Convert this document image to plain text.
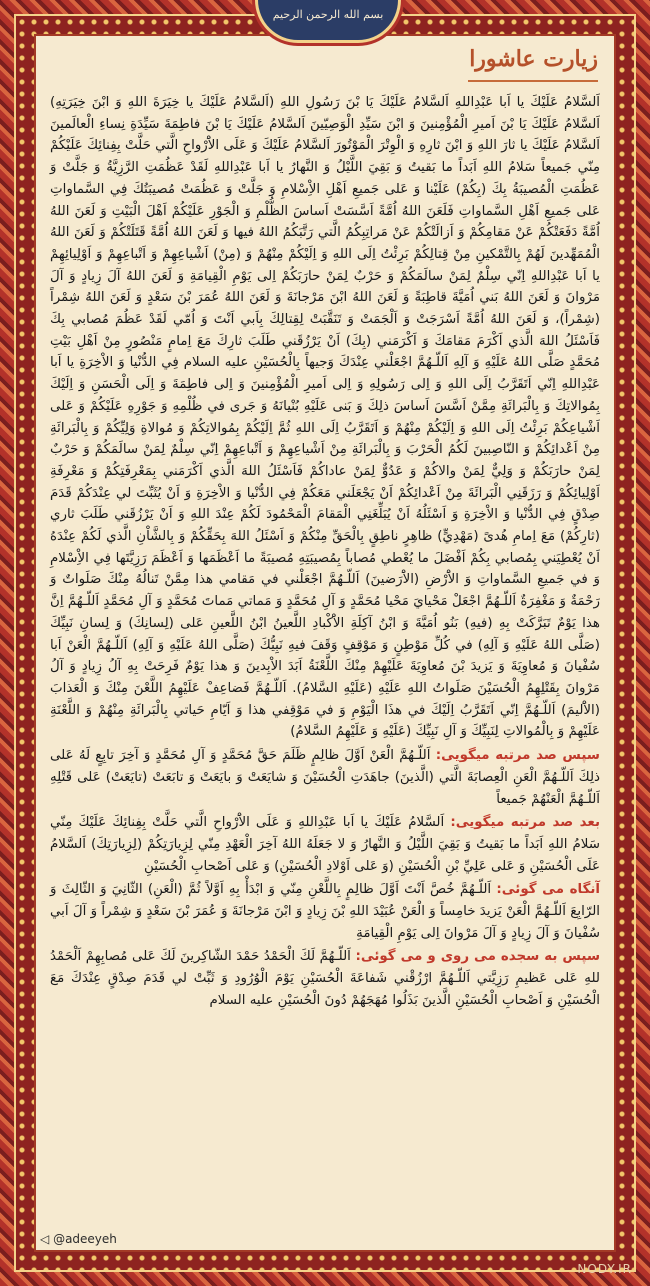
بسم الله الرحمن الرحیم
زیارت عاشورا

اَلسَّلامُ عَلَيْكَ يا اَبا عَبْدِاللهِ اَلسَّلامُ عَلَيْكَ يَا بْنَ رَسُولِ اللهِ (اَلسَّلامُ عَلَيْكَ يا خِيَرَةَ اللهِ وَ ابْنَ خِيَرَتِهِ) اَلسَّلامُ عَلَيْكَ يَا بْنَ اَميرِ الْمُؤْمِنينَ وَ ابْنَ سَيِّدِ الْوَصِيّينَ اَلسَّلامُ عَلَيْكَ يَا بْنَ فاطِمَةَ سَيِّدَةِ نِساءِ الْعالَمينَ اَلسَّلامُ عَلَيْكَ يا ثارَ اللهِ وَ ابْنَ ثارِهِ وَ الْوِتْرَ الْمَوْتُورَ اَلسَّلامُ عَلَيْكَ وَ عَلَى الاَْرْواحِ الَّتي حَلَّتْ بِفِنائِكَ عَلَيْكُمْ مِنّي جَميعاً سَلامُ اللهِ اَبَداً ما بَقيتُ وَ بَقِيَ اللَّيْلُ وَ النَّهارُ يا اَبا عَبْدِاللهِ لَقَدْ عَظُمَتِ الرَّزِيَّةُ وَ جَلَّتْ وَ عَظُمَتِ الْمُصيبَةُ بِكَ (بِكُمْ) عَلَيْنا وَ عَلى جَميعِ اَهْلِ الاِْسْلامِ وَ جَلَّتْ وَ عَظُمَتْ مُصيبَتُكَ فِي السَّماواتِ عَلى جَميعِ اَهْلِ السَّماواتِ فَلَعَنَ اللهُ اُمَّةً اَسَّسَتْ اَساسَ الظُّلْمِ وَ الْجَوْرِ عَلَيْكُمْ اَهْلَ الْبَيْتِ وَ لَعَنَ اللهُ اُمَّةً دَفَعَتْكُمْ عَنْ مَقامِكُمْ وَ اَزالَتْكُمْ عَنْ مَراتِبِكُمُ الَّتي رَتَّبَكُمُ اللهُ فيها وَ لَعَنَ اللهُ اُمَّةً قَتَلَتْكُمْ وَ لَعَنَ اللهُ الْمُمَهِّدينَ لَهُمْ بِالتَّمْكينِ مِنْ قِتالِكُمْ بَرِئْتُ اِلَى اللهِ وَ اِلَيْكُمْ مِنْهُمْ وَ (مِنْ) اَشْياعِهِمْ وَ اَتْباعِهِمْ وَ اَوْلِيائِهِمْ يا اَبا عَبْدِاللهِ اِنّي سِلْمٌ لِمَنْ سالَمَكُمْ وَ حَرْبٌ لِمَنْ حارَبَكُمْ اِلى يَوْمِ الْقِيامَةِ وَ لَعَنَ اللهُ آلَ زِيادٍ وَ آلَ مَرْوانَ وَ لَعَنَ اللهُ بَني اُمَيَّةَ قاطِبَةً وَ لَعَنَ اللهُ ابْنَ مَرْجانَةَ وَ لَعَنَ اللهُ عُمَرَ بْنَ سَعْدٍ وَ لَعَنَ اللهُ شِمْراً (شِمْراً)، وَ لَعَنَ اللهُ اُمَّةً اَسْرَجَتْ وَ اَلْجَمَتْ وَ تَنَقَّبَتْ لِقِتالِكَ بِاَبي اَنْتَ وَ اُمّي لَقَدْ عَظُمَ مُصابي بِكَ فَاَسْئَلُ اللهَ الَّذي اَكْرَمَ مَقامَكَ وَ اَكْرَمَني (بِكَ) اَنْ يَرْزُقَني طَلَبَ ثارِكَ مَعَ اِمامٍ مَنْصُورٍ مِنْ اَهْلِ بَيْتِ مُحَمَّدٍ صَلَّى اللهُ عَلَيْهِ وَ آلِهِ اَللّـهُمَّ اجْعَلْني عِنْدَكَ وَجيهاً بِالْحُسَيْنِ عليه السلام فِي الدُّنْيا وَ الاْخِرَةِ يا اَبا عَبْدِاللهِ اِنّي اَتَقَرَّبُ اِلَى اللهِ وَ اِلى رَسُولِهِ وَ اِلى اَميرِ الْمُؤْمِنينَ وَ اِلى فاطِمَةَ وَ اِلَى الْحَسَنِ وَ اِلَيْكَ بِمُوالاتِكَ وَ بِالْبَرائَةِ مِمَّنْ اَسَّسَ اَساسَ ذلِكَ وَ بَنى عَلَيْهِ بُنْيانَهُ وَ جَرى في ظُلْمِهِ وَ جَوْرِهِ عَلَيْكُمْ وَ عَلى اَشْياعِكُمْ بَرِئْتُ اِلَى اللهِ وَ اِلَيْكُمْ مِنْهُمْ وَ اَتَقَرَّبُ اِلَى اللهِ ثُمَّ اِلَيْكُمْ بِمُوالاتِكُمْ وَ مُوالاةِ وَلِيِّكُمْ وَ بِالْبَرائَةِ مِنْ اَعْدائِكُمْ وَ النّاصِبينَ لَكُمُ الْحَرْبَ وَ بِالْبَرائَةِ مِنْ اَشْياعِهِمْ وَ اَتْباعِهِمْ اِنّي سِلْمٌ لِمَنْ سالَمَكُمْ وَ حَرْبٌ لِمَنْ حارَبَكُمْ وَ وَلِيٌّ لِمَنْ والاكُمْ وَ عَدُوٌّ لِمَنْ عاداكُمْ فَاَسْئَلُ اللهَ الَّذي اَكْرَمَني بِمَعْرِفَتِكُمْ وَ مَعْرِفَةِ اَوْلِيائِكُمْ وَ رَزَقَنِي الْبَرائَةَ مِنْ اَعْدائِكُمْ اَنْ يَجْعَلَني مَعَكُمْ فِي الدُّنْيا وَ الاْخِرَةِ وَ اَنْ يُثَبِّتَ لي عِنْدَكُمْ قَدَمَ صِدْقٍ فِي الدُّنْيا وَ الاْخِرَةِ وَ اَسْئَلُهُ اَنْ يُبَلِّغَنِي الْمَقامَ الْمَحْمُودَ لَكُمْ عِنْدَ اللهِ وَ اَنْ يَرْزُقَني طَلَبَ ثاري (ثارِكُمْ) مَعَ اِمامِ هُدىً (مَهْدِيٍّ) ظاهِرٍ ناطِقٍ بِالْحَقِّ مِنْكُمْ وَ اَسْئَلُ اللهَ بِحَقِّكُمْ وَ بِالشَّاْنِ الَّذي لَكُمْ عِنْدَهُ اَنْ يُعْطِيَني بِمُصابي بِكُمْ اَفْضَلَ ما يُعْطي مُصاباً بِمُصيبَتِهِ مُصيبَةً ما اَعْظَمَها وَ اَعْظَمَ رَزِيَّتَها فِي الاِْسْلامِ وَ في جَميعِ السَّماواتِ وَ الاَْرْضِ (الاَْرَضينَ) اَللّـهُمَّ اجْعَلْني في مَقامي هذا مِمَّنْ تَنالُهُ مِنْكَ صَلَواتٌ وَ رَحْمَةٌ وَ مَغْفِرَةٌ اَللّـهُمَّ اجْعَلْ مَحْيايَ مَحْيا مُحَمَّدٍ وَ آلِ مُحَمَّدٍ وَ مَماتي مَماتَ مُحَمَّدٍ وَ آلِ مُحَمَّدٍ اَللّـهُمَّ اِنَّ هذا يَوْمٌ تَبَرَّكَتْ بِهِ (فيهِ) بَنُو اُمَيَّةَ وَ ابْنُ آكِلَةِ الاَْكْبادِ اللَّعينُ ابْنُ اللَّعينِ عَلى (لِسانِكَ) وَ لِسانِ نَبِيِّكَ (صَلَّى اللهُ عَلَيْهِ وَ آلِهِ) في كُلِّ مَوْطِنٍ وَ مَوْقِفٍ وَقَفَ فيهِ نَبِيُّكَ (صَلَّى اللهُ عَلَيْهِ وَ آلِهِ) اَللّـهُمَّ الْعَنْ اَبا سُفْيانَ وَ مُعاوِيَةَ وَ يَزيدَ بْنَ مُعاوِيَةَ عَلَيْهِمْ مِنْكَ اللَّعْنَةُ اَبَدَ الاْبِدينَ وَ هذا يَوْمٌ فَرِحَتْ بِهِ آلُ زِيادٍ وَ آلُ مَرْوانَ بِقَتْلِهِمُ الْحُسَيْنَ صَلَواتُ اللهِ عَلَيْهِ (عَلَيْهِ السَّلامُ). اَللّـهُمَّ فَضاعِفْ عَلَيْهِمُ اللَّعْنَ مِنْكَ وَ الْعَذابَ (الاَْليمَ) اَللّـهُمَّ اِنّي اَتَقَرَّبُ اِلَيْكَ في هذَا الْيَوْمِ وَ في مَوْقِفي هذا وَ اَيّامِ حَياتي بِالْبَرائَةِ مِنْهُمْ وَ اللَّعْنَةِ عَلَيْهِمْ وَ بِالْمُوالاتِ لِنَبِيِّكَ وَ آلِ نَبِيِّكَ (عَلَيْهِ وَ عَلَيْهِمُ السَّلامُ)

سپس صد مرتبه میگویی: اَللّـهُمَّ الْعَنْ اَوَّلَ ظالِمٍ ظَلَمَ حَقَّ مُحَمَّدٍ وَ آلِ مُحَمَّدٍ وَ آخِرَ تابِعٍ لَهُ عَلى ذلِكَ اَللّـهُمَّ الْعَنِ الْعِصابَةَ الَّتي (الَّذينَ) جاهَدَتِ الْحُسَيْنَ وَ شايَعَتْ وَ بايَعَتْ وَ تابَعَتْ (تايَعَتْ) عَلى قَتْلِهِ اَللّـهُمَّ الْعَنْهُمْ جَميعاً

بعد صد مرتبه میگویی: اَلسَّلامُ عَلَيْكَ يا اَبا عَبْدِاللهِ وَ عَلَى الاَْرْواحِ الَّتي حَلَّتْ بِفِنائِكَ عَلَيْكَ مِنّي سَلامُ اللهِ اَبَداً ما بَقيتُ وَ بَقِيَ اللَّيْلُ وَ النَّهارُ وَ لا جَعَلَهُ اللهُ آخِرَ الْعَهْدِ مِنّي لِزِيارَتِكُمْ (لِزِيارَتِكَ) اَلسَّلامُ عَلَى الْحُسَيْنِ وَ عَلى عَلِيِّ بْنِ الْحُسَيْنِ (وَ عَلى اَوْلادِ الْحُسَيْنِ) وَ عَلى اَصْحابِ الْحُسَيْنِ

آنگاه می گوئی: اَللّـهُمَّ خُصَّ اَنْتَ اَوَّلَ ظالِمٍ بِاللَّعْنِ مِنّي وَ ابْدَأْ بِهِ اَوَّلاً ثُمَّ (الْعَنِ) الثّانِيَ وَ الثّالِثَ وَ الرّابِعَ اَللّـهُمَّ الْعَنْ يَزيدَ خامِساً وَ الْعَنْ عُبَيْدَ اللهِ بْنَ زِيادٍ وَ ابْنَ مَرْجانَةَ وَ عُمَرَ بْنَ سَعْدٍ وَ شِمْراً وَ آلَ اَبي سُفْيانَ وَ آلَ زِيادٍ وَ آلَ مَرْوانَ اِلى يَوْمِ الْقِيامَةِ

سپس به سجده می روی و می گوئی: اَللّـهُمَّ لَكَ الْحَمْدُ حَمْدَ الشّاكِرينَ لَكَ عَلى مُصابِهِمْ اَلْحَمْدُ للهِ عَلى عَظيمِ رَزِيَّتي اَللّـهُمَّ ارْزُقْني شَفاعَةَ الْحُسَيْنِ يَوْمَ الْوُرُودِ وَ ثَبِّتْ لي قَدَمَ صِدْقٍ عِنْدَكَ مَعَ الْحُسَيْنِ وَ اَصْحابِ الْحُسَيْنِ الَّذينَ بَذَلُوا مُهَجَهُمْ دُونَ الْحُسَيْنِ عليه السلام

◁ @adeeyeh
NODY.IR
